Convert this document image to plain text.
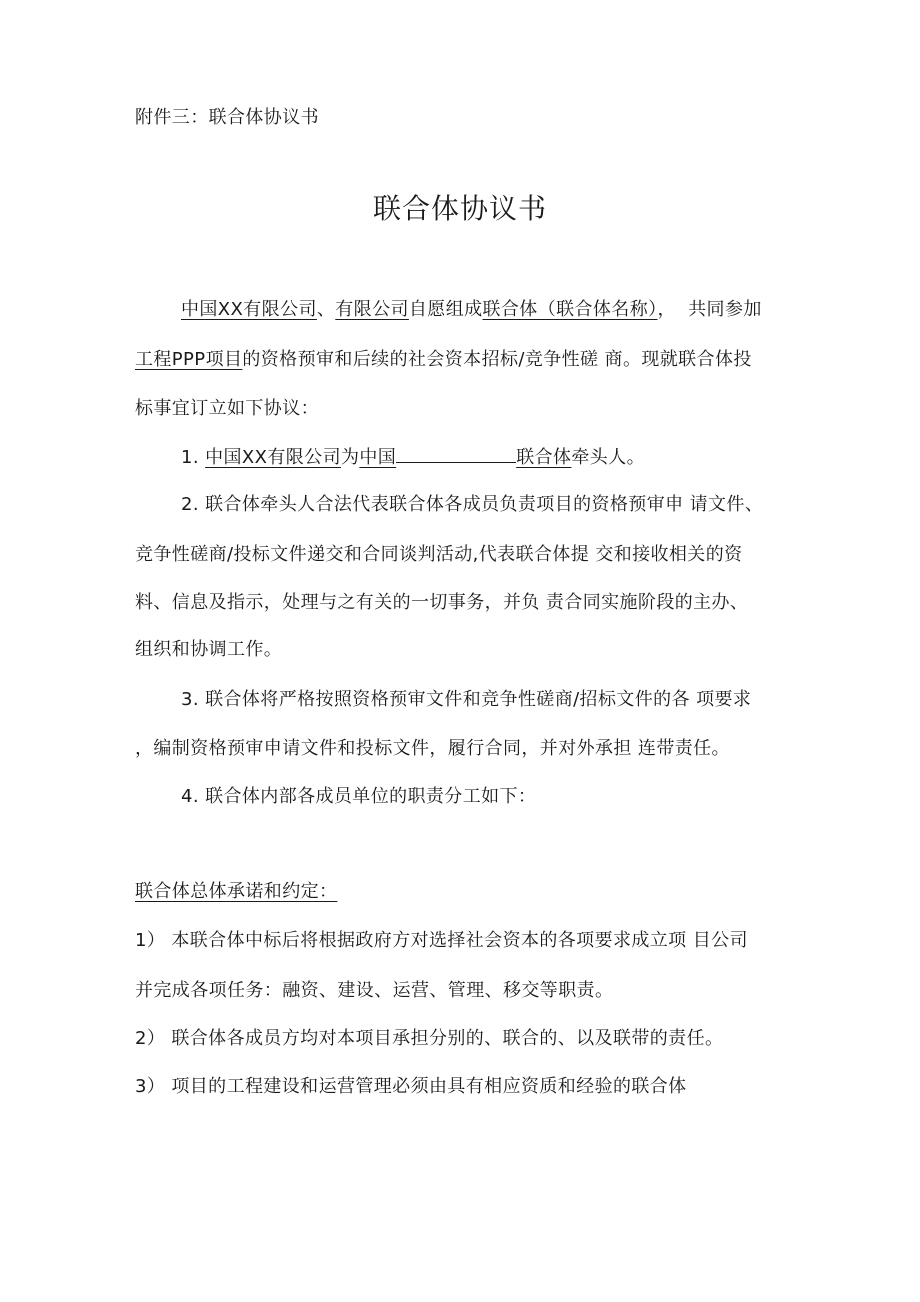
附件三：联合体协议书
联合体协议书
中国XX有限公司、有限公司自愿组成联合体（联合体名称），  共同参加
工程PPP项目的资格预审和后续的社会资本招标/竞争性磋 商。现就联合体投
标事宜订立如下协议：
1. 中国XX有限公司为中国	联合体牵头人。
2. 联合体牵头人合法代表联合体各成员负责项目的资格预审申 请文件、
竞争性磋商/投标文件递交和合同谈判活动,代表联合体提 交和接收相关的资
料、信息及指示，处理与之有关的一切事务，并负 责合同实施阶段的主办、
组织和协调工作。
3. 联合体将严格按照资格预审文件和竞争性磋商/招标文件的各 项要求
，编制资格预审申请文件和投标文件，履行合同，并对外承担 连带责任。
4. 联合体内部各成员单位的职责分工如下：
联合体总体承诺和约定：
1） 本联合体中标后将根据政府方对选择社会资本的各项要求成立项 目公司
并完成各项任务：融资、建设、运营、管理、移交等职责。
2） 联合体各成员方均对本项目承担分别的、联合的、以及联带的责任。
3） 项目的工程建设和运营管理必须由具有相应资质和经验的联合体
